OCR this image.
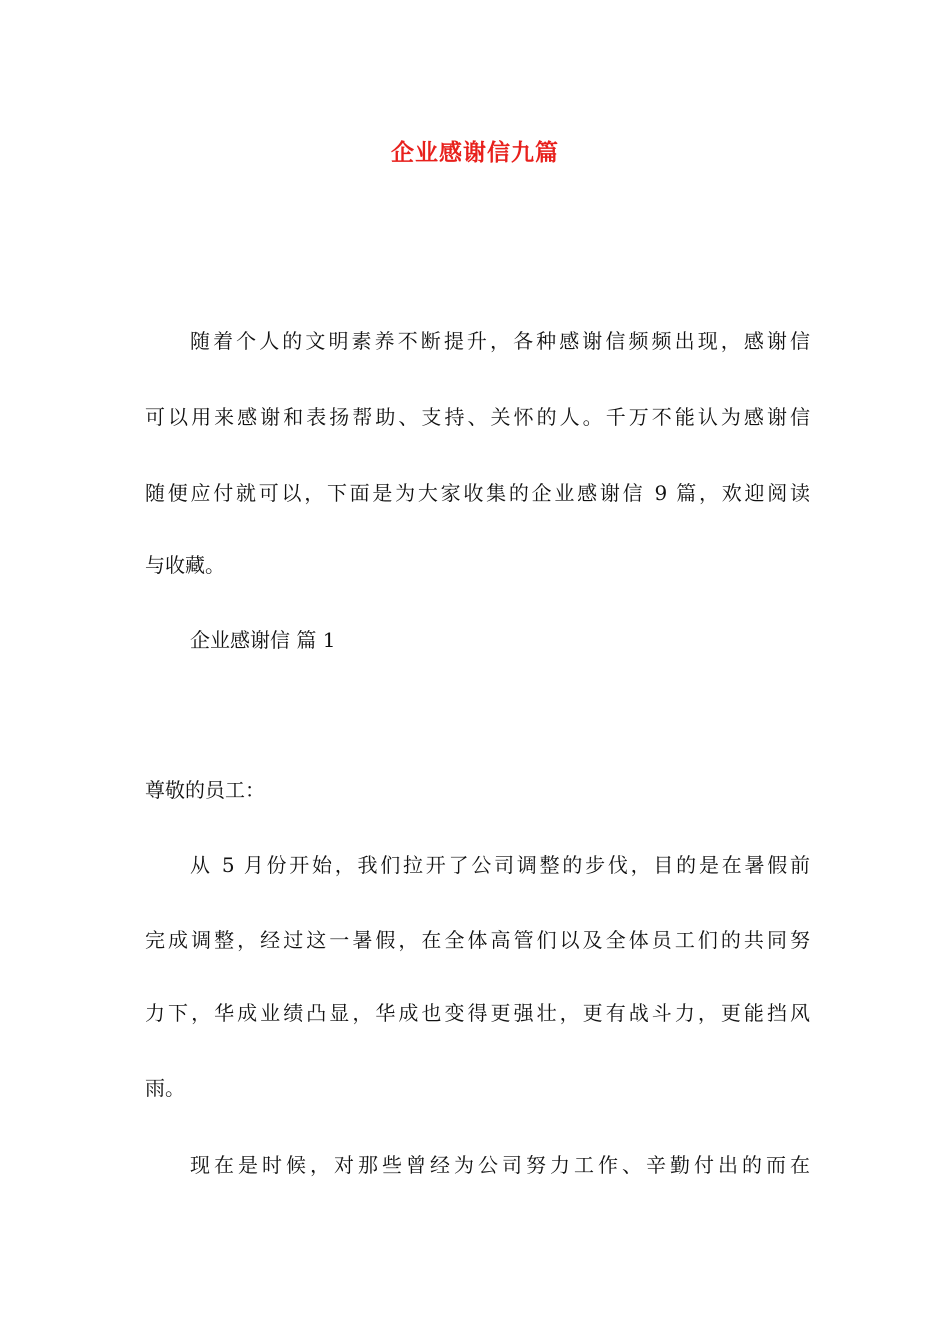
企业感谢信九篇
随着个人的文明素养不断提升，各种感谢信频频出现，感谢信
可以用来感谢和表扬帮助、支持、关怀的人。千万不能认为感谢信
随便应付就可以，下面是为大家收集的企业感谢信 9 篇，欢迎阅读
与收藏。
企业感谢信 篇 1
尊敬的员工：
从 5 月份开始，我们拉开了公司调整的步伐，目的是在暑假前
完成调整，经过这一暑假，在全体高管们以及全体员工们的共同努
力下，华成业绩凸显，华成也变得更强壮，更有战斗力，更能挡风
雨。
现在是时候，对那些曾经为公司努力工作、辛勤付出的而在
